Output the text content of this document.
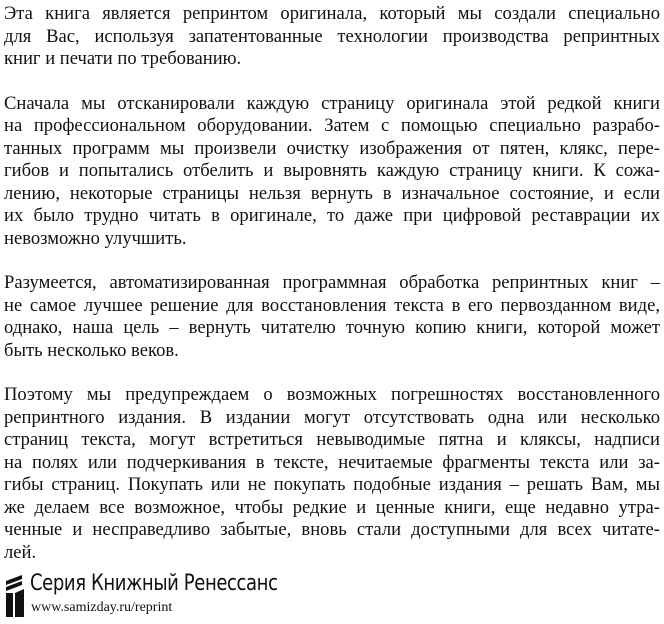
Эта книга является репринтом оригинала, который мы создали специально
для Вас, используя запатентованные технологии производства репринтных
книг и печати по требованию.

Сначала мы отсканировали каждую страницу оригинала этой редкой книги
на профессиональном оборудовании. Затем с помощью специально разрабо-
танных программ мы произвели очистку изображения от пятен, клякс, пере-
гибов и попытались отбелить и выровнять каждую страницу книги. К сожа-
лению, некоторые страницы нельзя вернуть в изначальное состояние, и если
их было трудно читать в оригинале, то даже при цифровой реставрации их
невозможно улучшить.

Разумеется, автоматизированная программная обработка репринтных книг –
не самое лучшее решение для восстановления текста в его первозданном виде,
однако, наша цель – вернуть читателю точную копию книги, которой может
быть несколько веков.

Поэтому мы предупреждаем о возможных погрешностях восстановленного
репринтного издания. В издании могут отсутствовать одна или несколько
страниц текста, могут встретиться невыводимые пятна и кляксы, надписи
на полях или подчеркивания в тексте, нечитаемые фрагменты текста или за-
гибы страниц. Покупать или не покупать подобные издания – решать Вам, мы
же делаем все возможное, чтобы редкие и ценные книги, еще недавно утра-
ченные и несправедливо забытые, вновь стали доступными для всех читате-
лей.

Серия Книжный Ренессанс
www.samizday.ru/reprint
